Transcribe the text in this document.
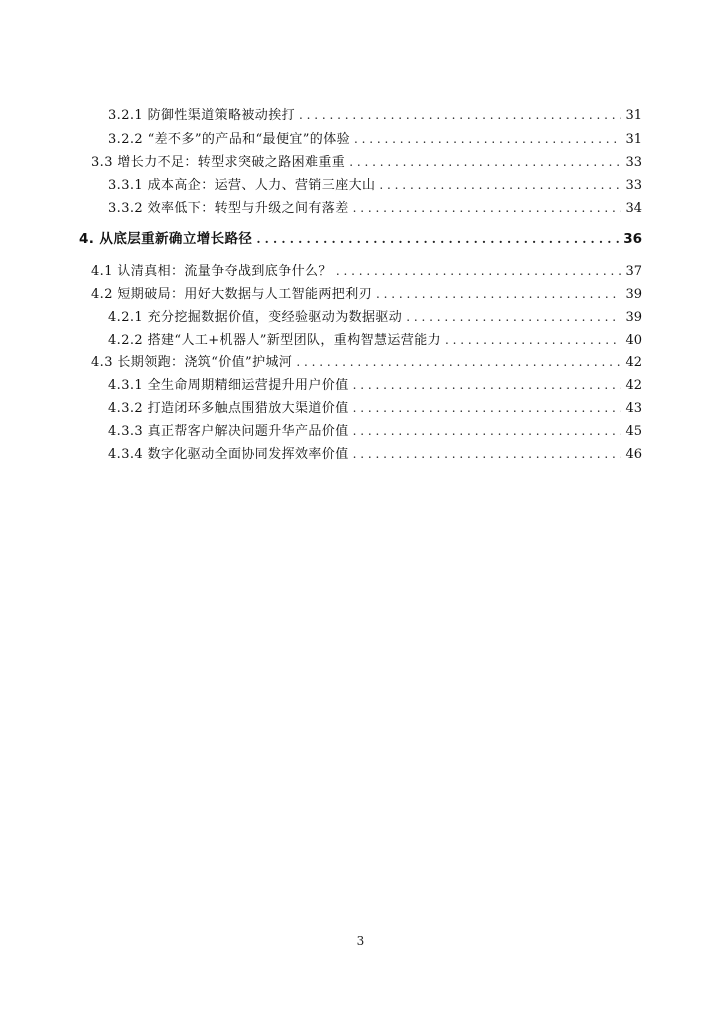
3.2.1 防御性渠道策略被动挨打 . . .	31
3.2.2 “差不多”的产品和“最便宜”的体验 . . .	31
3.3 增长力不足：转型求突破之路困难重重 . . .	33
3.3.1 成本高企：运营、人力、营销三座大山 . . .	33
3.3.2 效率低下：转型与升级之间有落差 . . .	34
4. 从底层重新确立增长路径 . . .	36
4.1 认清真相：流量争夺战到底争什么？ . . .	37
4.2 短期破局：用好大数据与人工智能两把利刃 . . .	39
4.2.1 充分挖掘数据价值，变经验驱动为数据驱动 . . .	39
4.2.2 搭建“人工+机器人”新型团队，重构智慧运营能力 . . .	40
4.3 长期领跑：浇筑“价值”护城河 . . .	42
4.3.1 全生命周期精细运营提升用户价值 . . .	42
4.3.2 打造闭环多触点围猎放大渠道价值 . . .	43
4.3.3 真正帮客户解决问题升华产品价值 . . .	45
4.3.4 数字化驱动全面协同发挥效率价值 . . .	46
3
